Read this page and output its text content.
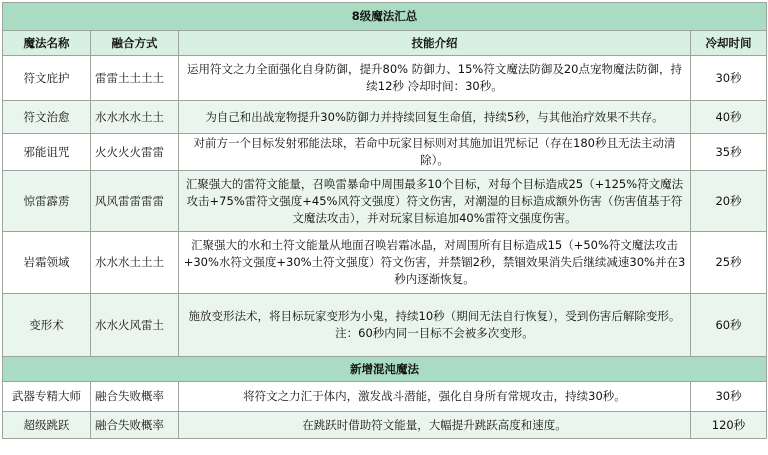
8级魔法汇总			
魔法名称	融合方式	技能介绍	冷却时间
符文庇护	雷雷土土土土	运用符文之力全面强化自身防御，提升80% 防御力、15%符文魔法防御及20点宠物魔法防御，持续12秒 冷却时间：30秒。	30秒
符文治愈	水水水水土土	为自己和出战宠物提升30%防御力并持续回复生命值，持续5秒，与其他治疗效果不共存。	40秒
邪能诅咒	火火火火雷雷	对前方一个目标发射邪能法球，若命中玩家目标则对其施加诅咒标记（存在180秒且无法主动清除）。	35秒
惊雷霹雳	风风雷雷雷雷	汇聚强大的雷符文能量，召唤雷暴命中周围最多10个目标，对每个目标造成25（+125%符文魔法攻击+75%雷符文强度+45%风符文强度）符文伤害，对潮湿的目标造成额外伤害（伤害值基于符文魔法攻击），并对玩家目标追加40%雷符文强度伤害。	20秒
岩霜领域	水水水土土土	汇聚强大的水和土符文能量从地面召唤岩霜冰晶，对周围所有目标造成15（+50%符文魔法攻击+30%水符文强度+30%土符文强度）符文伤害，并禁锢2秒，禁锢效果消失后继续减速30%并在3秒内逐渐恢复。	25秒
变形术	水水火风雷土	施放变形法术，将目标玩家变形为小鬼，持续10秒（期间无法自行恢复），受到伤害后解除变形。注：60秒内同一目标不会被多次变形。	60秒
新增混沌魔法			
武器专精大师	融合失败概率	将符文之力汇于体内，激发战斗潜能，强化自身所有常规攻击，持续30秒。	30秒
超级跳跃	融合失败概率	在跳跃时借助符文能量，大幅提升跳跃高度和速度。	120秒
